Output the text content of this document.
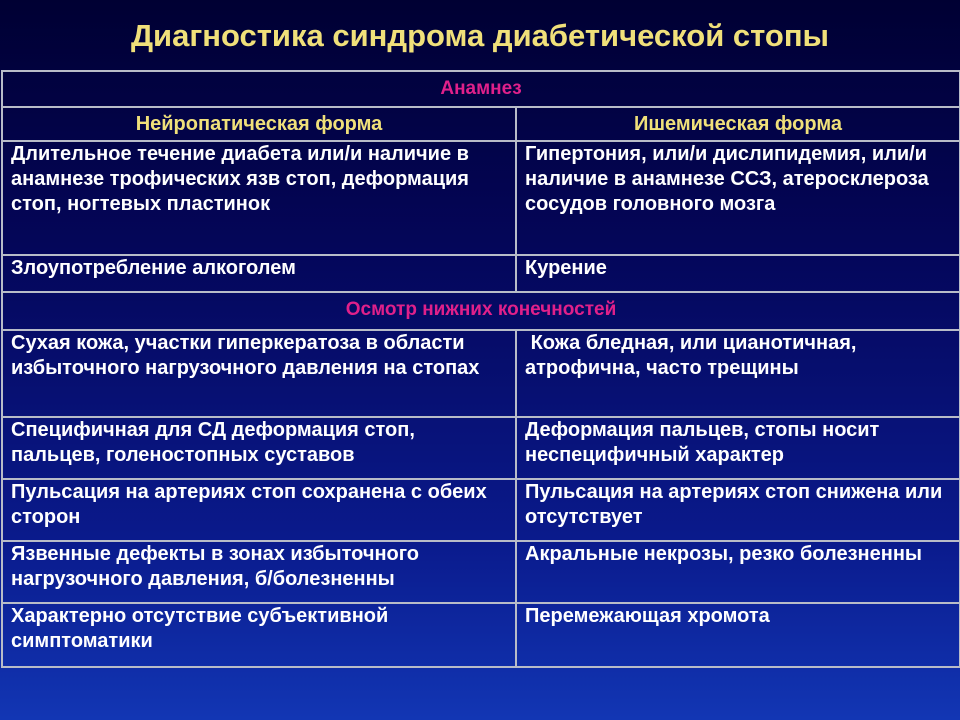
Диагностика синдрома диабетической стопы
Анамнез	
Нейропатическая форма	Ишемическая форма
Длительное течение диабета или/и наличие в анамнезе трофических язв стоп, деформация стоп, ногтевых пластинок	Гипертония, или/и дислипидемия, или/и наличие в анамнезе ССЗ, атеросклероза сосудов головного мозга
Злоупотребление алкоголем	Курение
Осмотр нижних конечностей	
Сухая кожа, участки гиперкератоза в области избыточного нагрузочного давления на стопах	Кожа бледная, или цианотичная, атрофична, часто трещины
Специфичная для СД деформация стоп, пальцев, голеностопных суставов	Деформация пальцев, стопы носит неспецифичный характер
Пульсация на артериях стоп сохранена с обеих сторон	Пульсация на артериях стоп снижена или отсутствует
Язвенные дефекты в зонах избыточного нагрузочного давления, б/болезненны	Акральные некрозы, резко болезненны
Характерно отсутствие субъективной симптоматики	Перемежающая хромота
